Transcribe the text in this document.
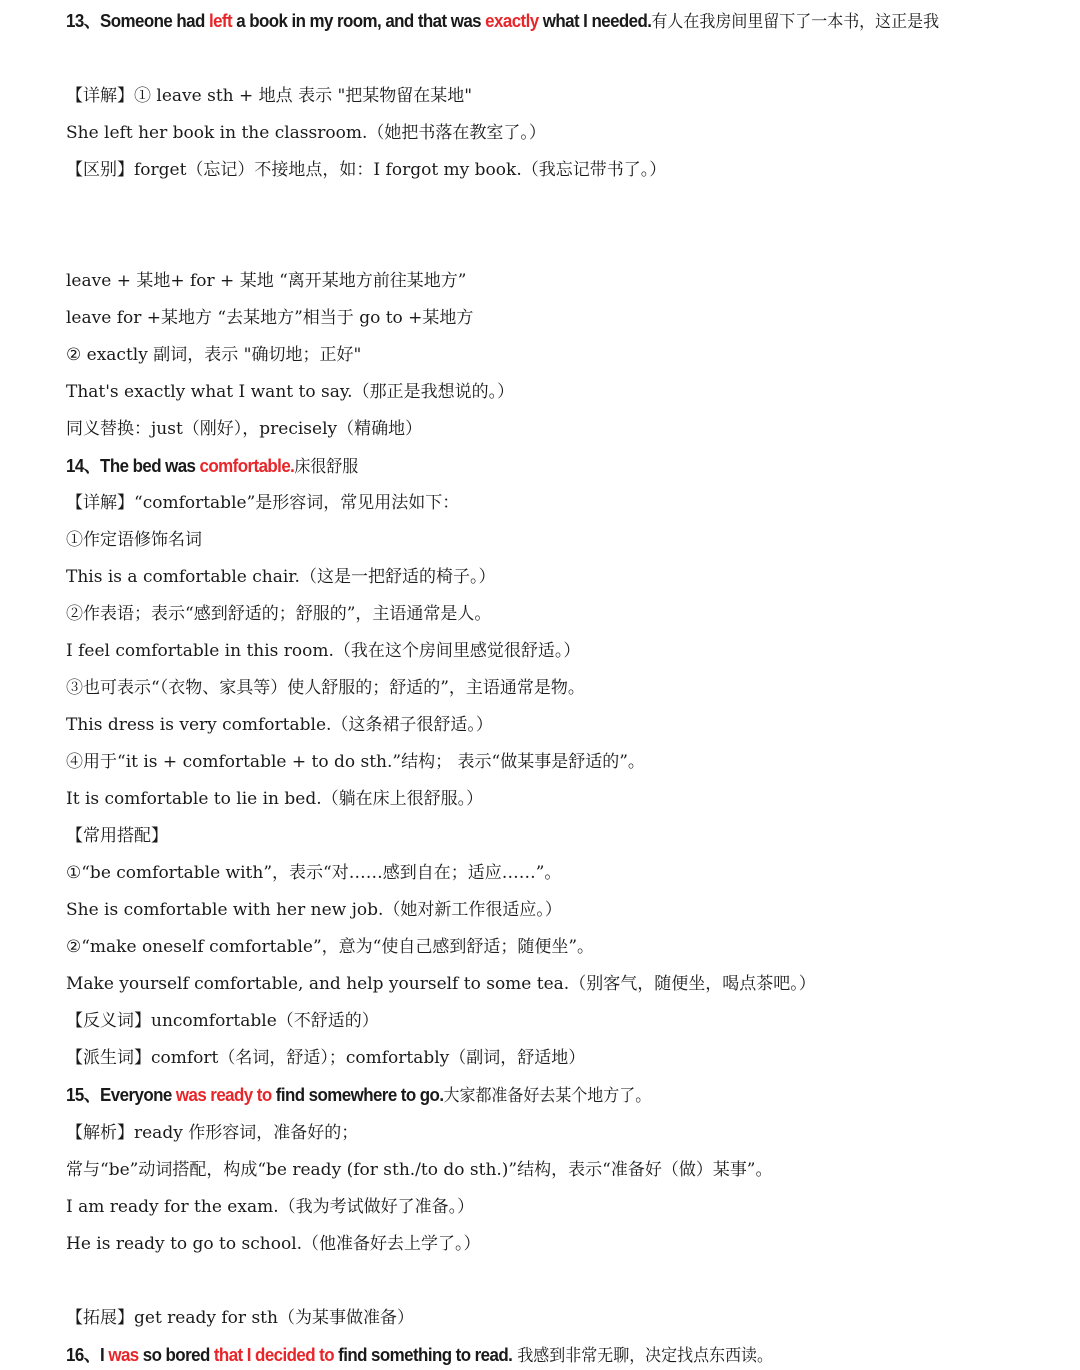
13、Someone had left a book in my room, and that was exactly what I needed.有人在我房间里留下了一本书，这正是我
【详解】① leave sth + 地点 表示 "把某物留在某地"
She left her book in the classroom.（她把书落在教室了。）
【区别】forget（忘记）不接地点，如：I forgot my book.（我忘记带书了。）
leave + 某地+ for + 某地 “离开某地方前往某地方”
leave for +某地方 “去某地方”相当于 go to +某地方
② exactly 副词，表示 "确切地；正好"
That's exactly what I want to say.（那正是我想说的。）
同义替换：just（刚好），precisely（精确地）
14、The bed was comfortable.床很舒服
【详解】“comfortable”是形容词，常见用法如下：
①作定语修饰名词
This is a comfortable chair.（这是一把舒适的椅子。）
②作表语；表示“感到舒适的；舒服的”，主语通常是人。
I feel comfortable in this room.（我在这个房间里感觉很舒适。）
③也可表示“（衣物、家具等）使人舒服的；舒适的”，主语通常是物。
This dress is very comfortable.（这条裙子很舒适。）
④用于“it is + comfortable + to do sth.”结构； 表示“做某事是舒适的”。
It is comfortable to lie in bed.（躺在床上很舒服。）
【常用搭配】
①“be comfortable with”，表示“对……感到自在；适应……”。
She is comfortable with her new job.（她对新工作很适应。）
②“make oneself comfortable”，意为“使自己感到舒适；随便坐”。
Make yourself comfortable, and help yourself to some tea.（别客气，随便坐，喝点茶吧。）
【反义词】uncomfortable（不舒适的）
【派生词】comfort（名词，舒适）；comfortably（副词，舒适地）
15、Everyone was ready to find somewhere to go.大家都准备好去某个地方了。
【解析】ready 作形容词，准备好的；
常与“be”动词搭配，构成“be ready (for sth./to do sth.)”结构，表示“准备好（做）某事”。
I am ready for the exam.（我为考试做好了准备。）
He is ready to go to school.（他准备好去上学了。）
【拓展】get ready for sth（为某事做准备）
16、I was so bored that I decided to find something to read. 我感到非常无聊，决定找点东西读。
